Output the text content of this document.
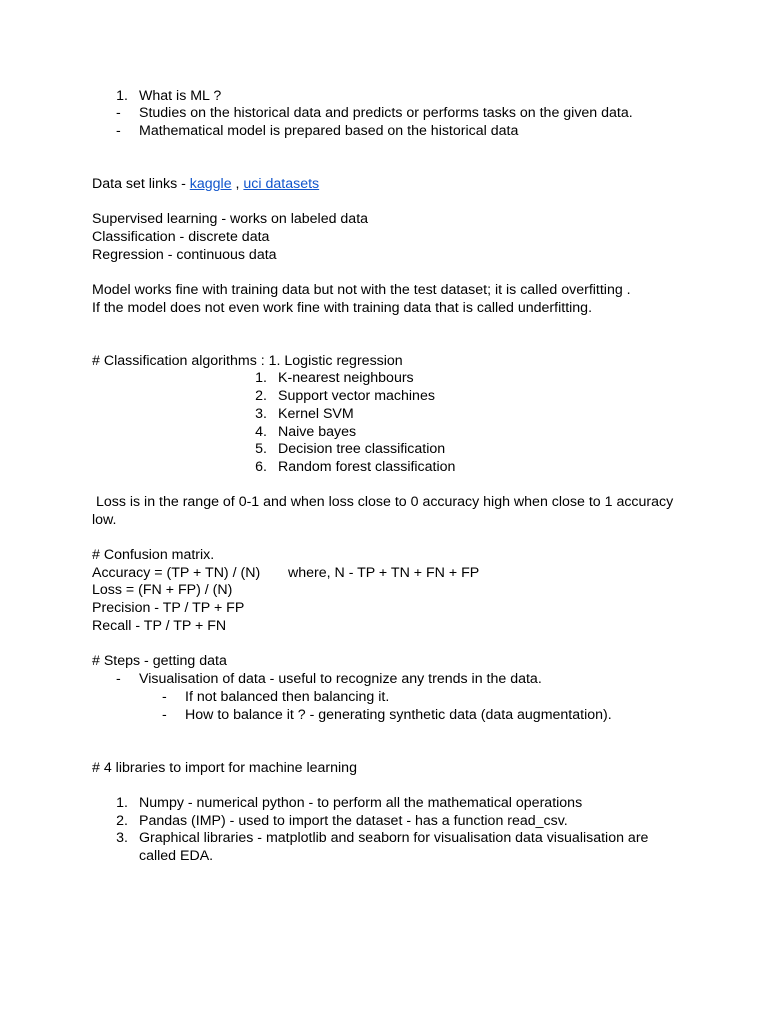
1. What is ML ?
- Studies on the historical data and predicts or performs tasks on the given data.
- Mathematical model is prepared based on the historical data
Data set links - kaggle , uci datasets
Supervised learning - works on labeled data
Classification - discrete data
Regression - continuous data
Model works fine with training data but not with the test dataset; it is called overfitting .
If the model does not even work fine with training data that is called underfitting.
# Classification algorithms : 1. Logistic regression
1. K-nearest neighbours
2. Support vector machines
3. Kernel SVM
4. Naive bayes
5. Decision tree classification
6. Random forest classification
Loss is in the range of 0-1 and when loss close to 0 accuracy high when close to 1 accuracy
low.
# Confusion matrix.
Accuracy = (TP + TN) / (N) where, N - TP + TN + FN + FP
Loss = (FN + FP) / (N)
Precision - TP / TP + FP
Recall - TP / TP + FN
# Steps - getting data
- Visualisation of data - useful to recognize any trends in the data.
- If not balanced then balancing it.
- How to balance it ? - generating synthetic data (data augmentation).
# 4 libraries to import for machine learning
1. Numpy - numerical python - to perform all the mathematical operations
2. Pandas (IMP) - used to import the dataset - has a function read_csv.
3. Graphical libraries - matplotlib and seaborn for visualisation data visualisation are
called EDA.
